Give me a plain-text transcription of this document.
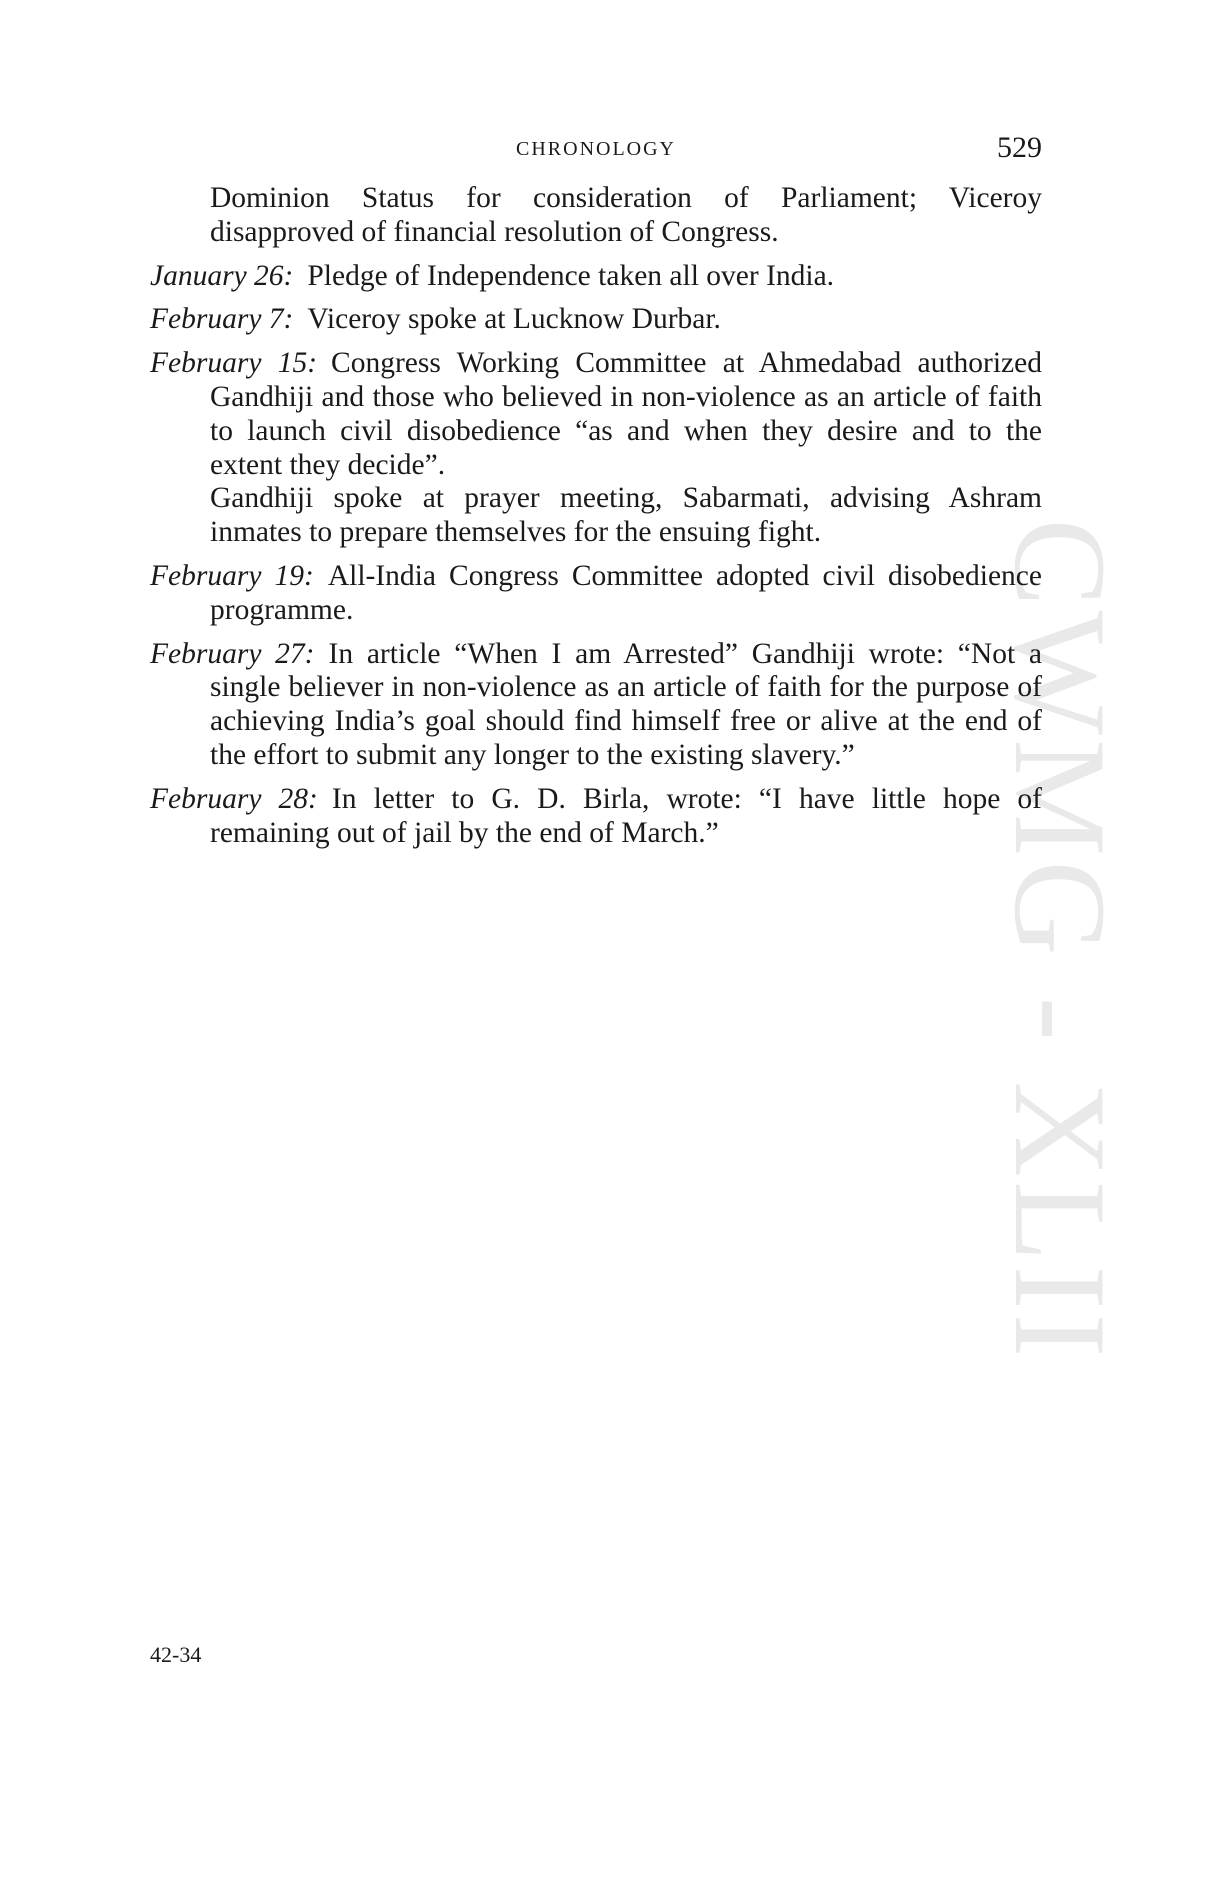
CWMG - XLII
CHRONOLOGY	529

Dominion Status for consideration of Parliament; Viceroy disapproved of financial resolution of Congress.

January 26: Pledge of Independence taken all over India.

February 7: Viceroy spoke at Lucknow Durbar.

February 15: Congress Working Committee at Ahmedabad authorized Gandhiji and those who believed in non-violence as an article of faith to launch civil disobedience “as and when they desire and to the extent they decide”.
Gandhiji spoke at prayer meeting, Sabarmati, advising Ashram inmates to prepare themselves for the ensuing fight.

February 19: All-India Congress Committee adopted civil disobedience programme.

February 27: In article “When I am Arrested” Gandhiji wrote: “Not a single believer in non-violence as an article of faith for the purpose of achieving India’s goal should find himself free or alive at the end of the effort to submit any longer to the existing slavery.”

February 28: In letter to G. D. Birla, wrote: “I have little hope of remaining out of jail by the end of March.”

42-34
